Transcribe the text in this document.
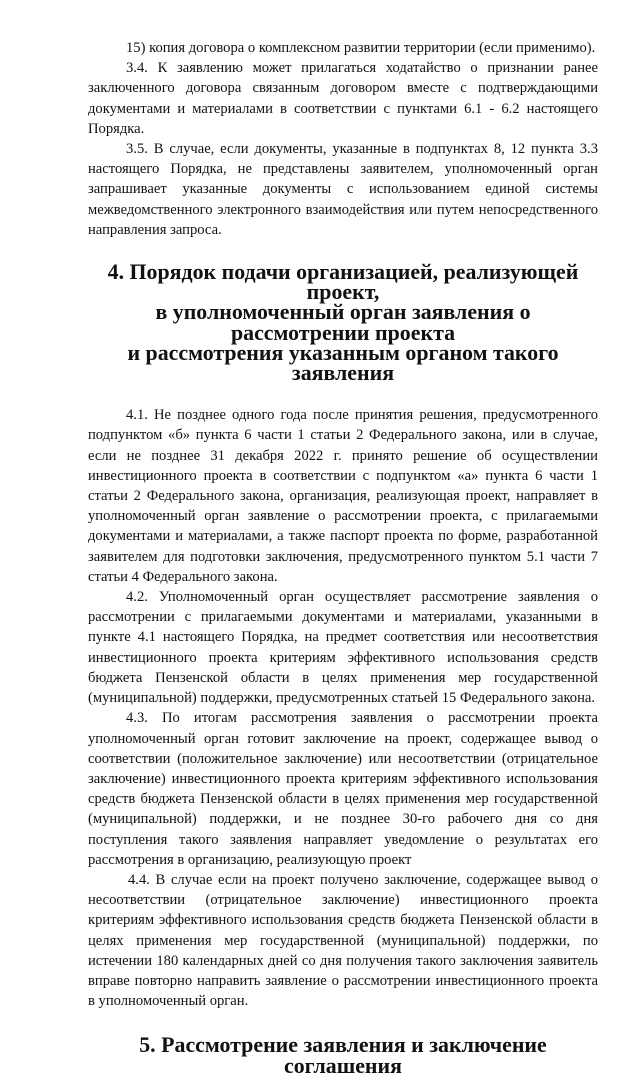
15) копия договора о комплексном развитии территории (если применимо).

3.4. К заявлению может прилагаться ходатайство о признании ранее заключенного договора связанным договором вместе с подтверждающими документами и материалами в соответствии с пунктами 6.1 - 6.2 настоящего Порядка.

3.5. В случае, если документы, указанные в подпунктах 8, 12 пункта 3.3 настоящего Порядка, не представлены заявителем, уполномоченный орган запрашивает указанные документы с использованием единой системы межведомственного электронного взаимодействия или путем непосредственного направления запроса.

4. Порядок подачи организацией, реализующей проект,
в уполномоченный орган заявления о рассмотрении проекта
и рассмотрения указанным органом такого заявления

4.1. Не позднее одного года после принятия решения, предусмотренного подпунктом «б» пункта 6 части 1 статьи 2 Федерального закона, или в случае, если не позднее 31 декабря 2022 г. принято решение об осуществлении инвестиционного проекта в соответствии с подпунктом «а» пункта 6 части 1 статьи 2 Федерального закона, организация, реализующая проект, направляет в уполномоченный орган заявление о рассмотрении проекта, с прилагаемыми документами и материалами, а также паспорт проекта по форме, разработанной заявителем для подготовки заключения, предусмотренного пунктом 5.1 части 7 статьи 4 Федерального закона.

4.2. Уполномоченный орган осуществляет рассмотрение заявления о рассмотрении с прилагаемыми документами и материалами, указанными в пункте 4.1 настоящего Порядка, на предмет соответствия или несоответствия инвестиционного проекта критериям эффективного использования средств бюджета Пензенской области в целях применения мер государственной (муниципальной) поддержки, предусмотренных статьей 15 Федерального закона.

4.3. По итогам рассмотрения заявления о рассмотрении проекта уполномоченный орган готовит заключение на проект, содержащее вывод о соответствии (положительное заключение) или несоответствии (отрицательное заключение) инвестиционного проекта критериям эффективного использования средств бюджета Пензенской области в целях применения мер государственной (муниципальной) поддержки, и не позднее 30-го рабочего дня со дня поступления такого заявления направляет уведомление о результатах его рассмотрения в организацию, реализующую проект

4.4. В случае если на проект получено заключение, содержащее вывод о несоответствии (отрицательное заключение) инвестиционного проекта критериям эффективного использования средств бюджета Пензенской области в целях применения мер государственной (муниципальной) поддержки, по истечении 180 календарных дней со дня получения такого заключения заявитель вправе повторно направить заявление о рассмотрении инвестиционного проекта в уполномоченный орган.

5. Рассмотрение заявления и заключение соглашения
